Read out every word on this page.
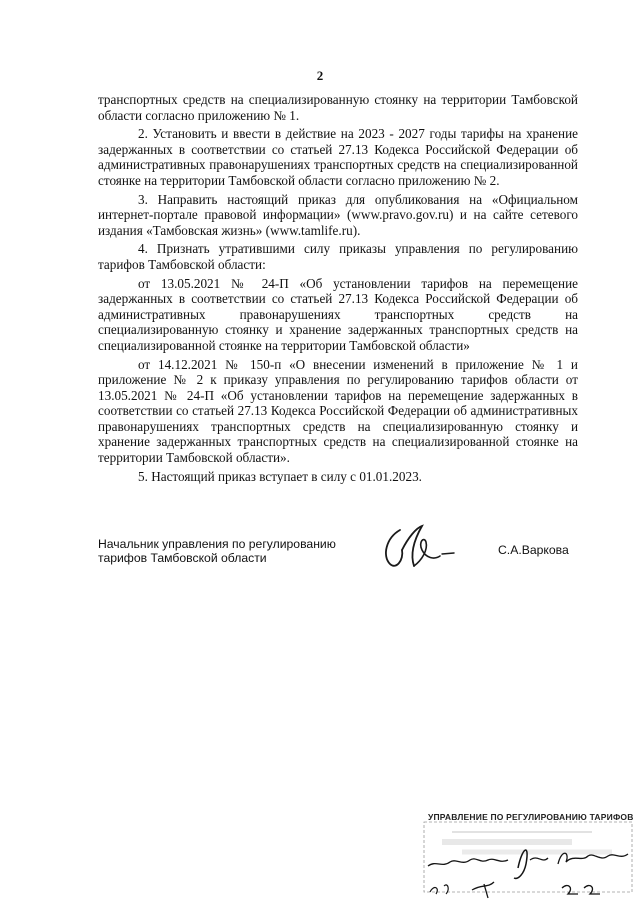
2

транспортных средств на специализированную стоянку на территории Тамбовской области согласно приложению № 1.

2. Установить и ввести в действие на 2023 - 2027 годы тарифы на хранение задержанных в соответствии со статьей 27.13 Кодекса Российской Федерации об административных правонарушениях транспортных средств на специализированной стоянке на территории Тамбовской области согласно приложению № 2.

3. Направить настоящий приказ для опубликования на «Официальном интернет-портале правовой информации» (www.pravo.gov.ru) и на сайте сетевого издания «Тамбовская жизнь» (www.tamlife.ru).

4. Признать утратившими силу приказы управления по регулированию тарифов Тамбовской области:

от 13.05.2021 № 24-П «Об установлении тарифов на перемещение задержанных в соответствии со статьей 27.13 Кодекса Российской Федерации об административных правонарушениях транспортных средств на специализированную стоянку и хранение задержанных транспортных средств на специализированной стоянке на территории Тамбовской области»

от 14.12.2021 № 150-п «О внесении изменений в приложение № 1 и приложение № 2 к приказу управления по регулированию тарифов области от 13.05.2021 № 24-П «Об установлении тарифов на перемещение задержанных в соответствии со статьей 27.13 Кодекса Российской Федерации об административных правонарушениях транспортных средств на специализированную стоянку и хранение задержанных транспортных средств на специализированной стоянке на территории Тамбовской области».

5. Настоящий приказ вступает в силу с 01.01.2023.

Начальник управления по регулированию
тарифов Тамбовской области
С.А.Варкова
УПРАВЛЕНИЕ ПО РЕГУЛИРОВАНИЮ ТАРИФОВ
